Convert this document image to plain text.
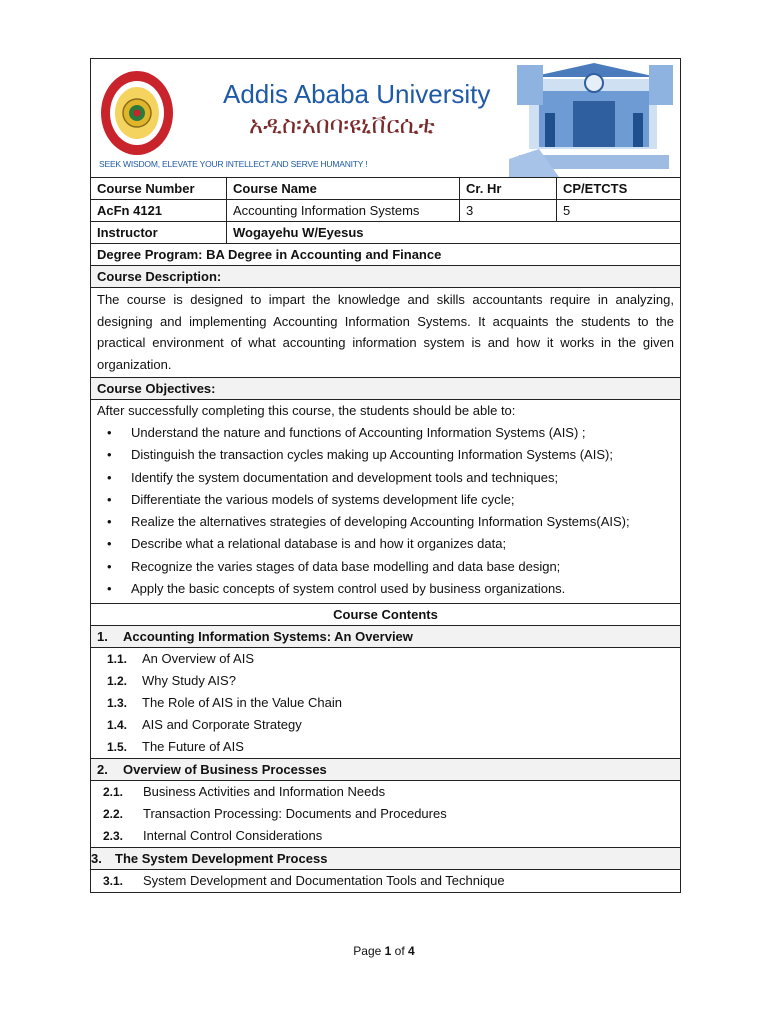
Addis Ababa University
አዲስ፡አበባ፡ዩኒቨርሲቲ
SEEK WISDOM, ELEVATE YOUR INTELLECT AND SERVE HUMANITY !
Course Number	Course Name	Cr. Hr	CP/ETCTS
AcFn 4121	Accounting Information Systems	3	5
Instructor	Wogayehu W/Eyesus
Degree Program: BA Degree in Accounting and Finance
Course Description:
The course is designed to impart the knowledge and skills accountants require in analyzing, designing and implementing Accounting Information Systems. It acquaints the students to the practical environment of what accounting information system is and how it works in the given organization.
Course Objectives:
After successfully completing this course, the students should be able to:
• Understand the nature and functions of Accounting Information Systems (AIS) ;
• Distinguish the transaction cycles making up Accounting Information Systems (AIS);
• Identify the system documentation and development tools and techniques;
• Differentiate the various models of systems development life cycle;
• Realize the alternatives strategies of developing Accounting Information Systems(AIS);
• Describe what a relational database is and how it organizes data;
• Recognize the varies stages of data base modelling and data base design;
• Apply the basic concepts of system control used by business organizations.
Course Contents
1.	Accounting Information Systems: An Overview
1.1.	An Overview of AIS
1.2.	Why Study AIS?
1.3.	The Role of AIS in the Value Chain
1.4.	AIS and Corporate Strategy
1.5.	The Future of AIS
2.	Overview of Business Processes
2.1.	Business Activities and Information Needs
2.2.	Transaction Processing: Documents and Procedures
2.3.	Internal Control Considerations
3.	The System Development Process
3.1.	System Development and Documentation Tools and Technique
Page 1 of 4
